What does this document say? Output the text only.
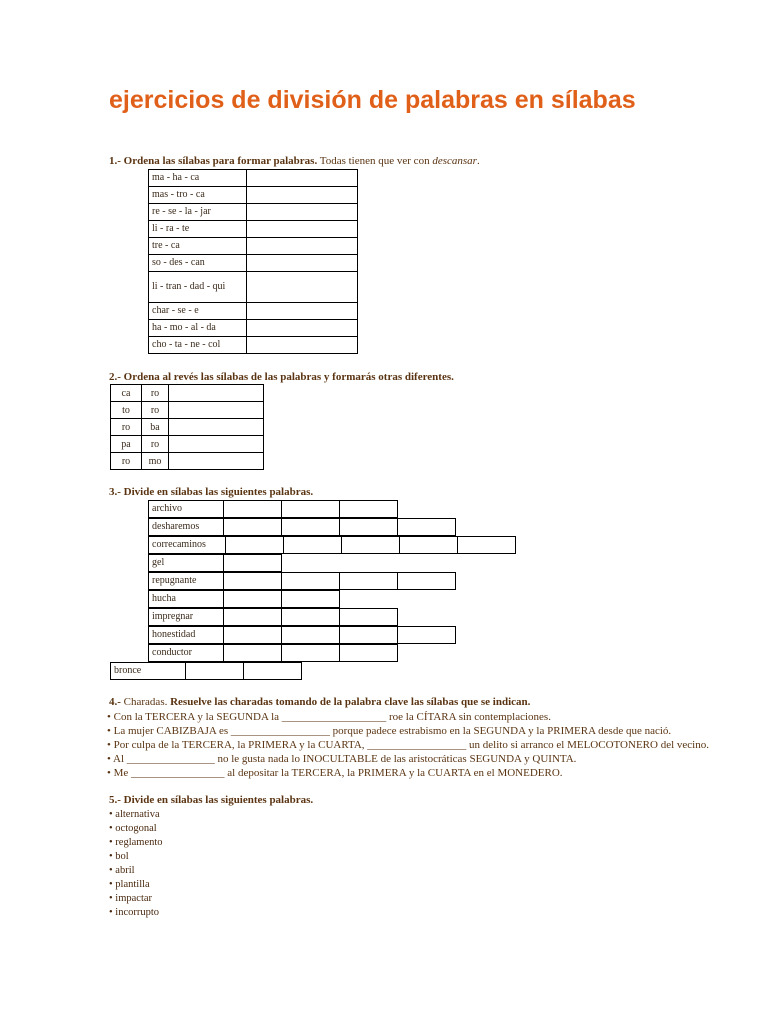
ejercicios de división de palabras en sílabas

1.- Ordena las sílabas para formar palabras. Todas tienen que ver con descansar.

ma - ha - ca	
mas - tro - ca	
re - se - la - jar	
li - ra - te	
tre - ca	
so - des - can	
li - tran - dad - qui	
char - se - e	
ha - mo - al - da	
cho - ta - ne - col	

2.- Ordena al revés las sílabas de las palabras y formarás otras diferentes.

ca	ro	
to	ro	
ro	ba	
pa	ro	
ro	mo	

3.- Divide en sílabas las siguientes palabras.

archivo
desharemos
correcaminos
gel
repugnante
hucha
impregnar
honestidad
conductor
bronce

4.- Charadas. Resuelve las charadas tomando de la palabra clave las sílabas que se indican.

• Con la TERCERA y la SEGUNDA la ___________________ roe la CÍTARA sin contemplaciones.
• La mujer CABIZBAJA es __________________ porque padece estrabismo en la SEGUNDA y la PRIMERA desde que nació.
• Por culpa de la TERCERA, la PRIMERA y la CUARTA, __________________ un delito si arranco el MELOCOTONERO del vecino.
• Al ________________ no le gusta nada lo INOCULTABLE de las aristocráticas SEGUNDA y QUINTA.
• Me _________________ al depositar la TERCERA, la PRIMERA y la CUARTA en el MONEDERO.

5.- Divide en sílabas las siguientes palabras.

• alternativa
• octogonal
• reglamento
• bol
• abril
• plantilla
• impactar
• incorrupto
